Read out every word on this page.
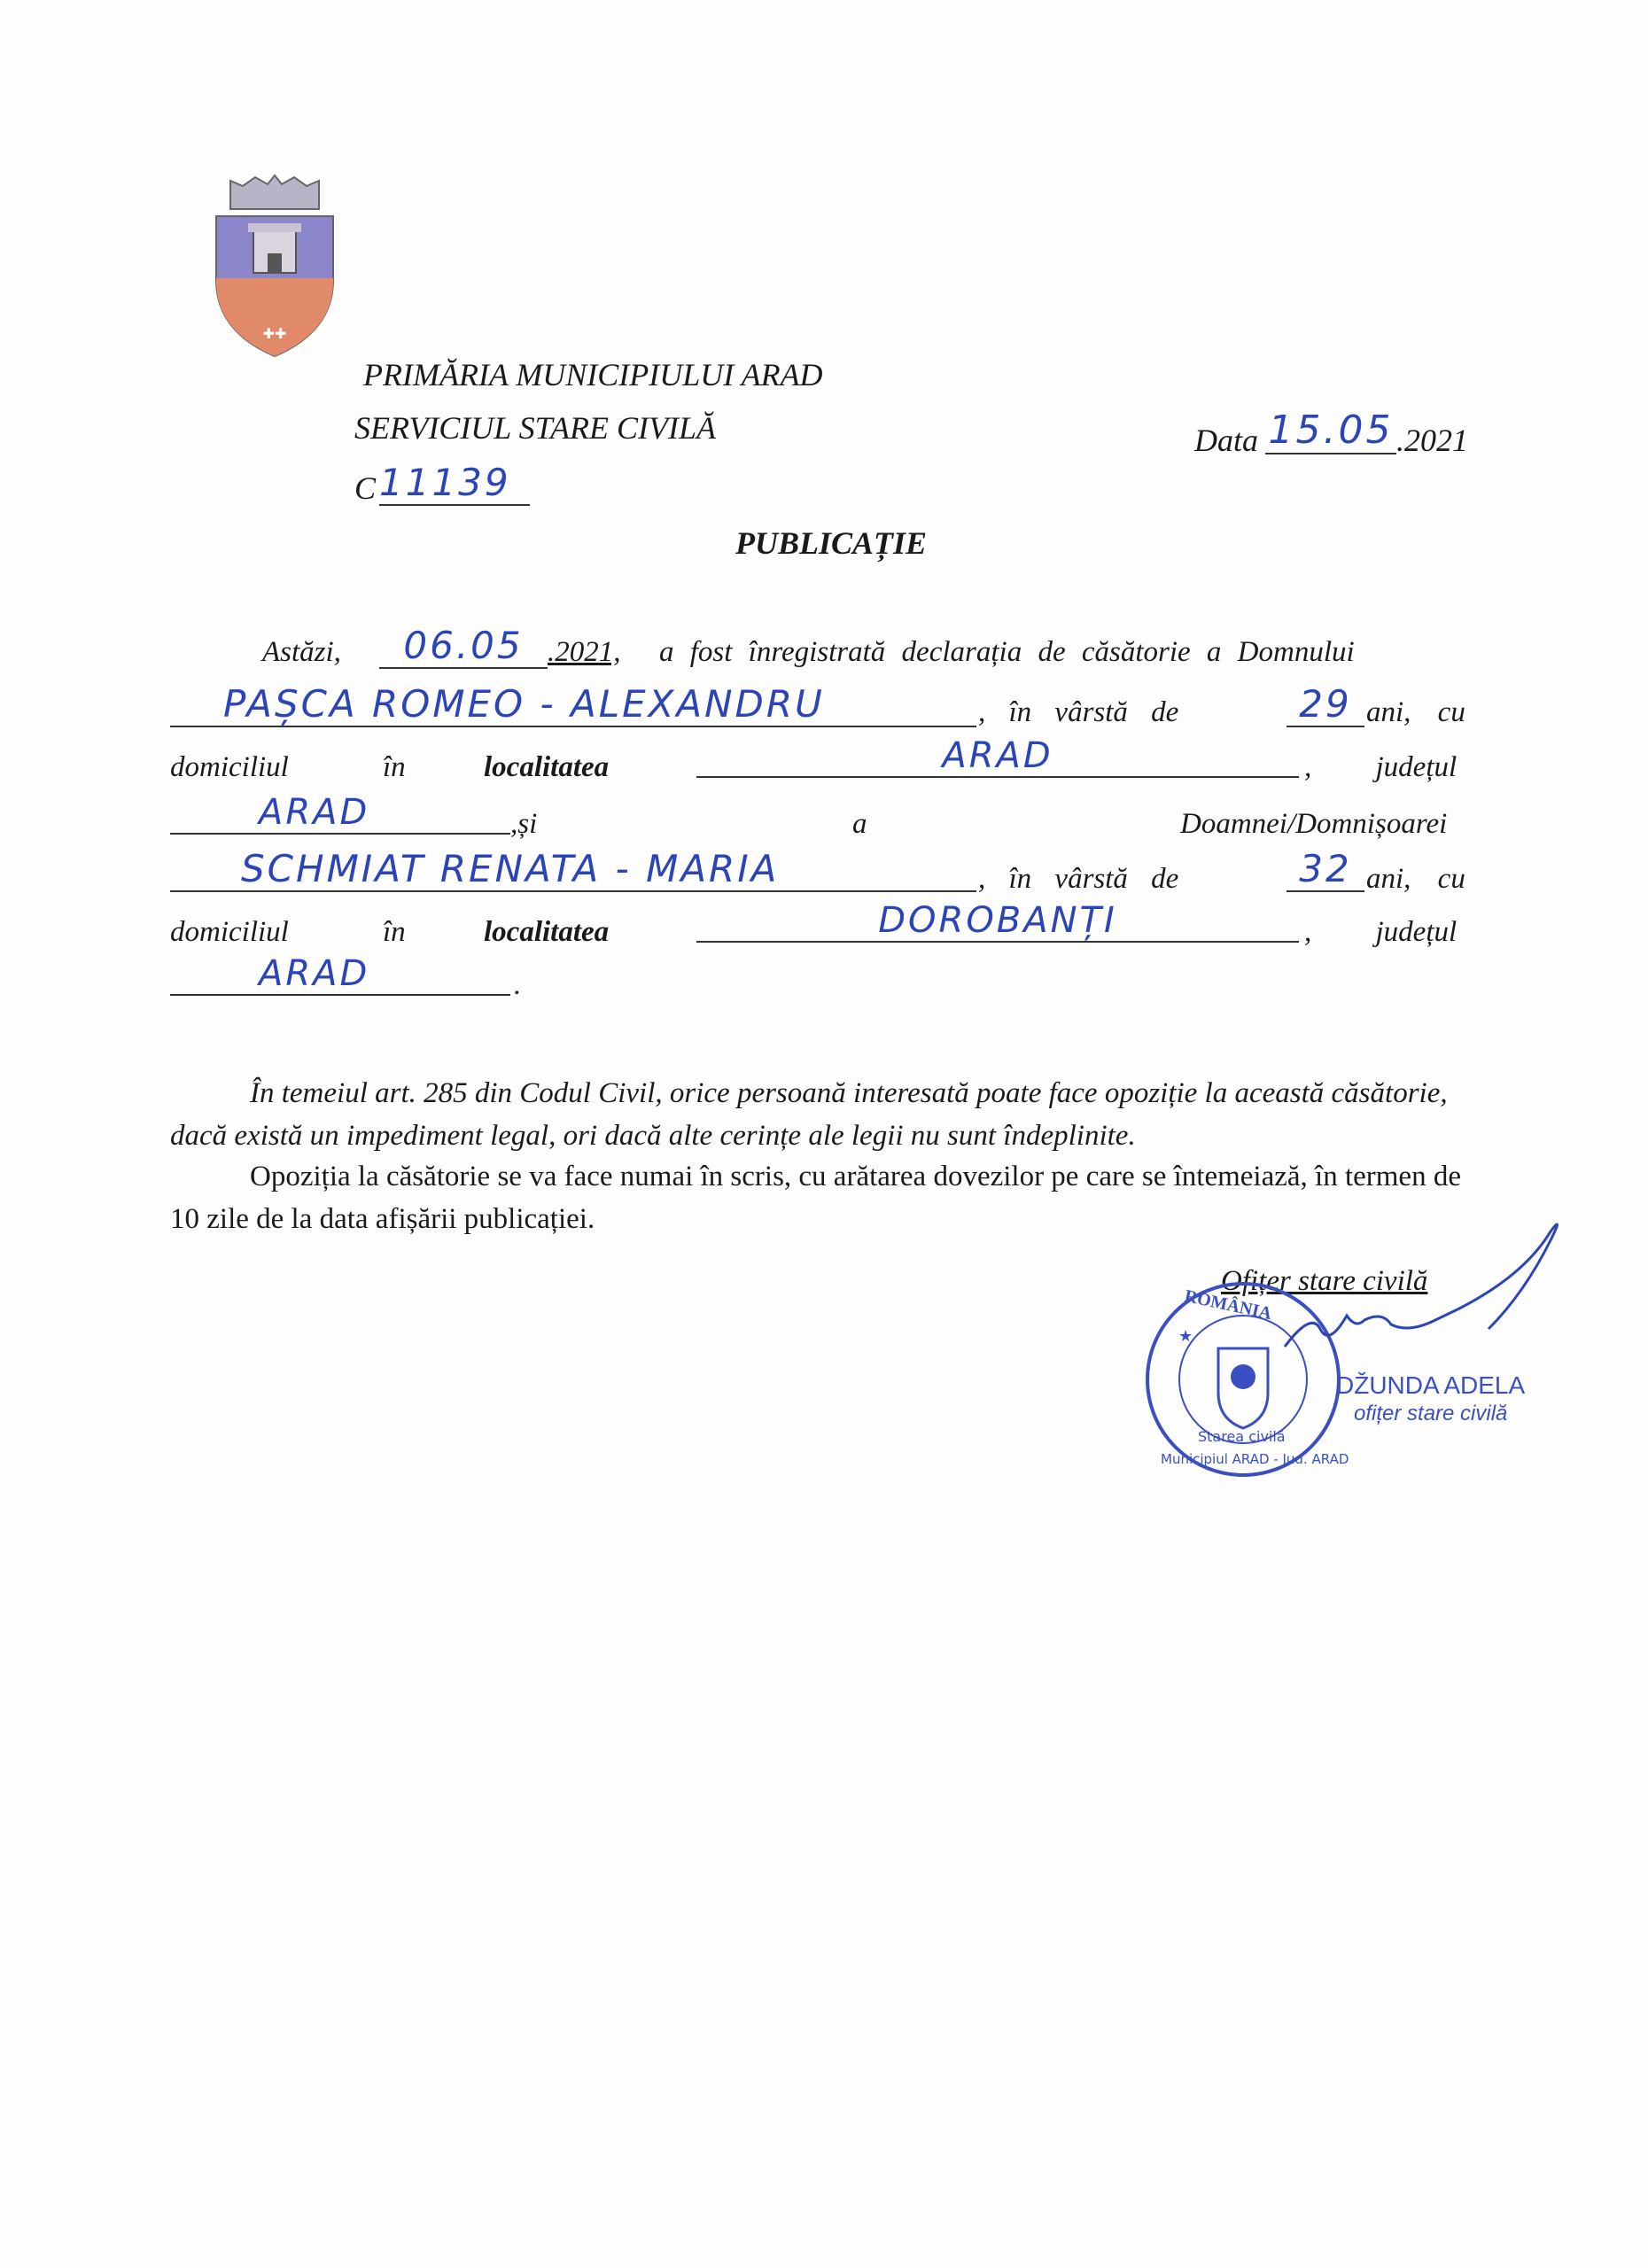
✚✚
PRIMĂRIA MUNICIPIULUI ARAD
SERVICIUL STARE CIVILĂ
C 11139
Data 15.05 .2021
PUBLICAȚIE
Astăzi,	06.05 .2021, a fost înregistrată declarația de căsătorie a Domnului
PAȘCA ROMEO - ALEXANDRU	, în vârstă de	29 ani, cu
domiciliul	în	localitatea	ARAD	, județul
ARAD	,și	a	Doamnei/Domnișoarei
SCHMIAT RENATA - MARIA	, în vârstă de	32 ani, cu
domiciliul	în	localitatea	DOROBANȚI	, județul
ARAD	.
În temeiul art. 285 din Codul Civil, orice persoană interesată poate face opoziție la această căsătorie, dacă există un impediment legal, ori dacă alte cerințe ale legii nu sunt îndeplinite.
Opoziția la căsătorie se va face numai în scris, cu arătarea dovezilor pe care se întemeiază, în termen de 10 zile de la data afișării publicației.
Ofițer stare civilă
★
ROMÂNIA
Starea civilă
Municipiul ARAD - Jud. ARAD
DŽUNDA ADELA
ofițer stare civilă
